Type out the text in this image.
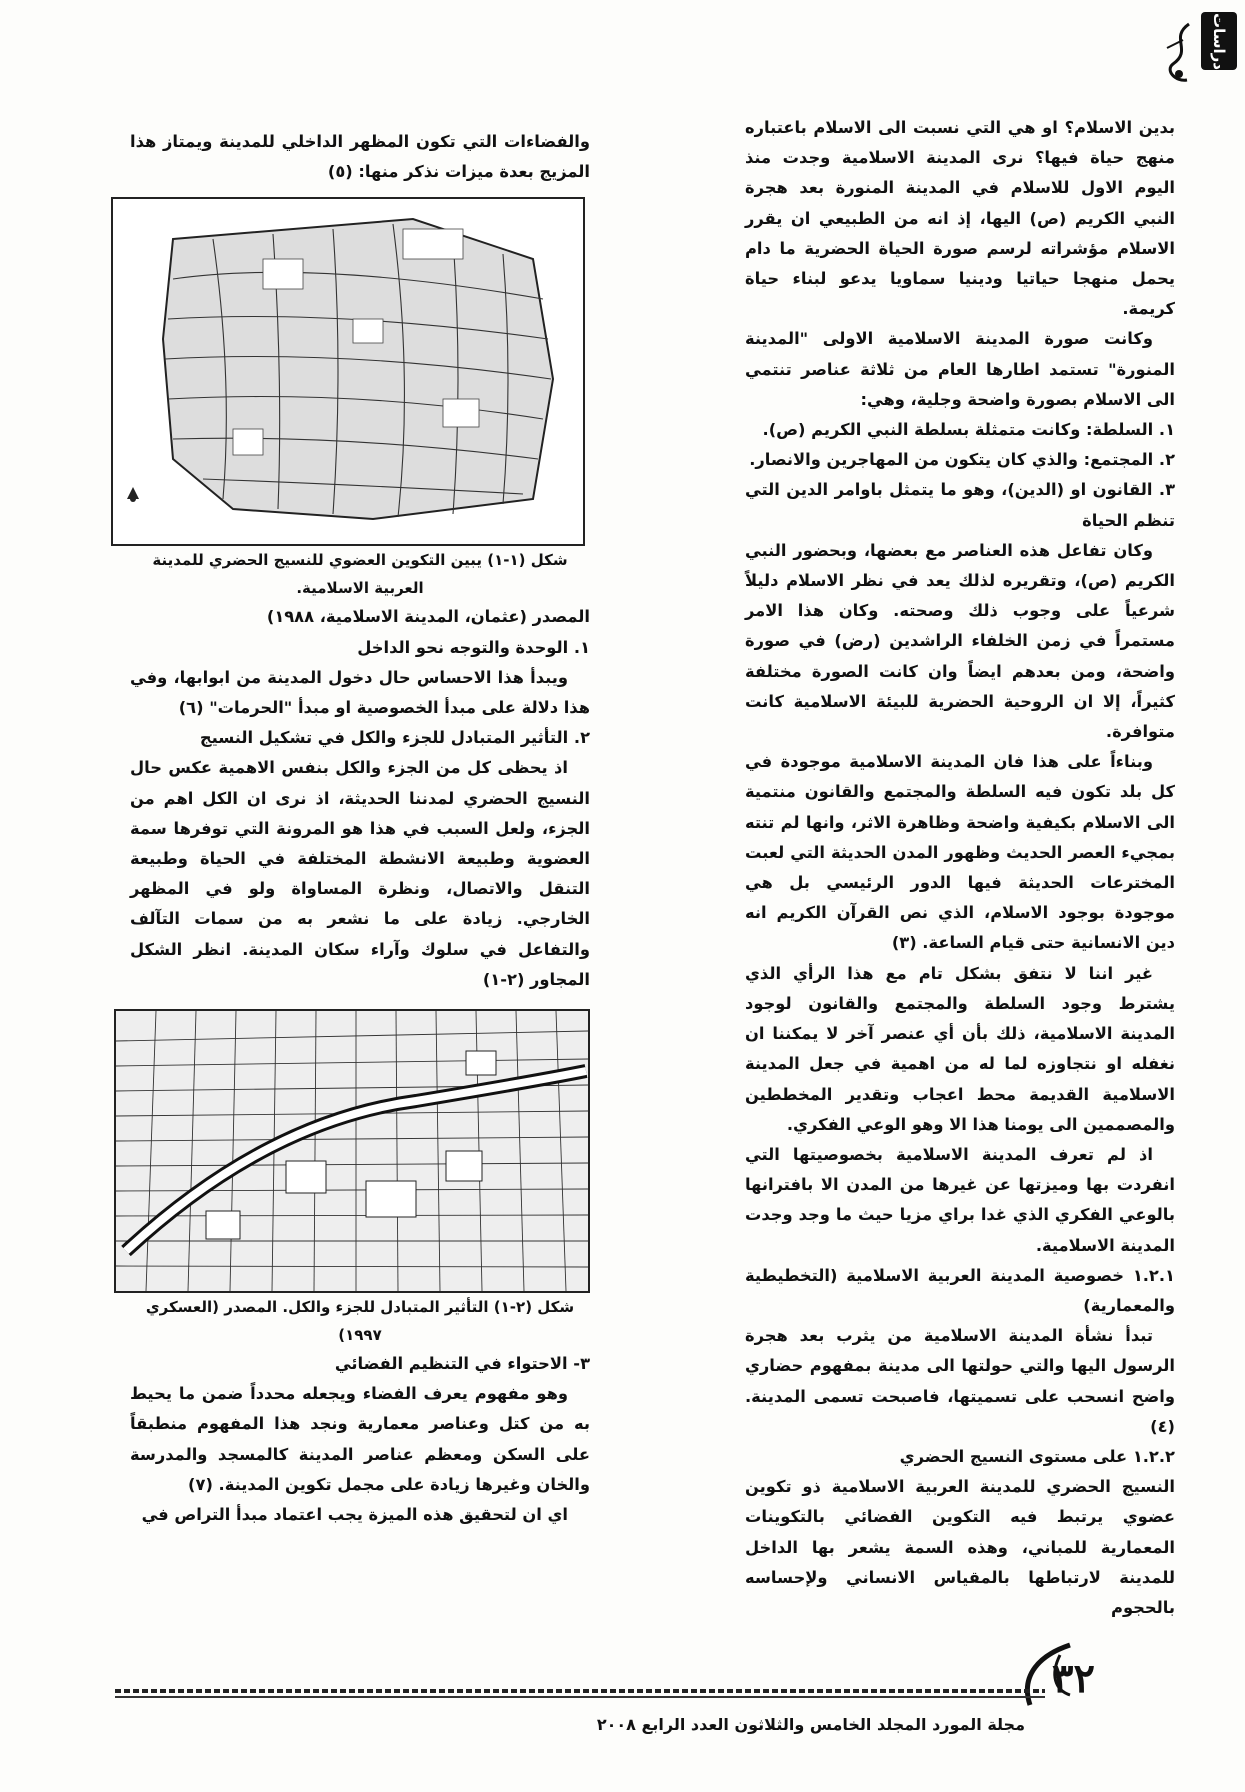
دراسات

بدين الاسلام؟ او هي التي نسبت الى الاسلام باعتباره منهج حياة فيها؟ نرى المدينة الاسلامية وجدت منذ اليوم الاول للاسلام في المدينة المنورة بعد هجرة النبي الكريم (ص) اليها، إذ انه من الطبيعي ان يقرر الاسلام مؤشراته لرسم صورة الحياة الحضرية ما دام يحمل منهجا حياتيا ودينيا سماويا يدعو لبناء حياة كريمة.

وكانت صورة المدينة الاسلامية الاولى "المدينة المنورة" تستمد اطارها العام من ثلاثة عناصر تنتمي الى الاسلام بصورة واضحة وجلية، وهي:

١. السلطة: وكانت متمثلة بسلطة النبي الكريم (ص).

٢. المجتمع: والذي كان يتكون من المهاجرين والانصار.

٣. القانون او (الدين)، وهو ما يتمثل باوامر الدين التي تنظم الحياة

وكان تفاعل هذه العناصر مع بعضها، وبحضور النبي الكريم (ص)، وتقريره لذلك يعد في نظر الاسلام دليلاً شرعياً على وجوب ذلك وصحته. وكان هذا الامر مستمراً في زمن الخلفاء الراشدين (رض) في صورة واضحة، ومن بعدهم ايضاً وان كانت الصورة مختلفة كثيراً، إلا ان الروحية الحضرية للبيئة الاسلامية كانت متوافرة.

وبناءاً على هذا فان المدينة الاسلامية موجودة في كل بلد تكون فيه السلطة والمجتمع والقانون منتمية الى الاسلام بكيفية واضحة وظاهرة الاثر، وانها لم تنته بمجيء العصر الحديث وظهور المدن الحديثة التي لعبت المخترعات الحديثة فيها الدور الرئيسي بل هي موجودة بوجود الاسلام، الذي نص القرآن الكريم انه دين الانسانية حتى قيام الساعة. (٣)

غير اننا لا نتفق بشكل تام مع هذا الرأي الذي يشترط وجود السلطة والمجتمع والقانون لوجود المدينة الاسلامية، ذلك بأن أي عنصر آخر لا يمكننا ان نغفله او نتجاوزه لما له من اهمية في جعل المدينة الاسلامية القديمة محط اعجاب وتقدير المخططين والمصممين الى يومنا هذا الا وهو الوعي الفكري.

اذ لم تعرف المدينة الاسلامية بخصوصيتها التي انفردت بها وميزتها عن غيرها من المدن الا بافترانها بالوعي الفكري الذي غدا براي مزيا حيث ما وجد وجدت المدينة الاسلامية.

١.٢.١ خصوصية المدينة العربية الاسلامية (التخطيطية والمعمارية)

تبدأ نشأة المدينة الاسلامية من يثرب بعد هجرة الرسول اليها والتي حولتها الى مدينة بمفهوم حضاري واضح انسحب على تسميتها، فاصبحت تسمى المدينة. (٤)

١.٢.٢ على مستوى النسيج الحضري

النسيج الحضري للمدينة العربية الاسلامية ذو تكوين عضوي يرتبط فيه التكوين الفضائي بالتكوينات المعمارية للمباني، وهذه السمة يشعر بها الداخل للمدينة لارتباطها بالمقياس الانساني ولإحساسه بالحجوم

والفضاءات التي تكون المظهر الداخلي للمدينة ويمتاز هذا المزيج بعدة ميزات نذكر منها: (٥)

شكل (١-١) يبين التكوين العضوي للنسيج الحضري للمدينة العربية الاسلامية.

المصدر (عثمان، المدينة الاسلامية، ١٩٨٨)

١. الوحدة والتوجه نحو الداخل

ويبدأ هذا الاحساس حال دخول المدينة من ابوابها، وفي هذا دلالة على مبدأ الخصوصية او مبدأ "الحرمات" (٦)

٢. التأثير المتبادل للجزء والكل في تشكيل النسيج

اذ يحظى كل من الجزء والكل بنفس الاهمية عكس حال النسيج الحضري لمدننا الحديثة، اذ نرى ان الكل اهم من الجزء، ولعل السبب في هذا هو المرونة التي توفرها سمة العضوية وطبيعة الانشطة المختلفة في الحياة وطبيعة التنقل والاتصال، ونظرة المساواة ولو في المظهر الخارجي. زيادة على ما نشعر به من سمات التآلف والتفاعل في سلوك وآراء سكان المدينة. انظر الشكل المجاور (٢-١)

شكل (٢-١) التأثير المتبادل للجزء والكل. المصدر (العسكري ١٩٩٧)

٣- الاحتواء في التنظيم الفضائي

وهو مفهوم يعرف الفضاء ويجعله محدداً ضمن ما يحيط به من كتل وعناصر معمارية ونجد هذا المفهوم منطبقاً على السكن ومعظم عناصر المدينة كالمسجد والمدرسة والخان وغيرها زيادة على مجمل تكوين المدينة. (٧)

اي ان لتحقيق هذه الميزة يجب اعتماد مبدأ التراص في

٣٢
مجلة المورد المجلد الخامس والثلاثون العدد الرابع ٢٠٠٨
